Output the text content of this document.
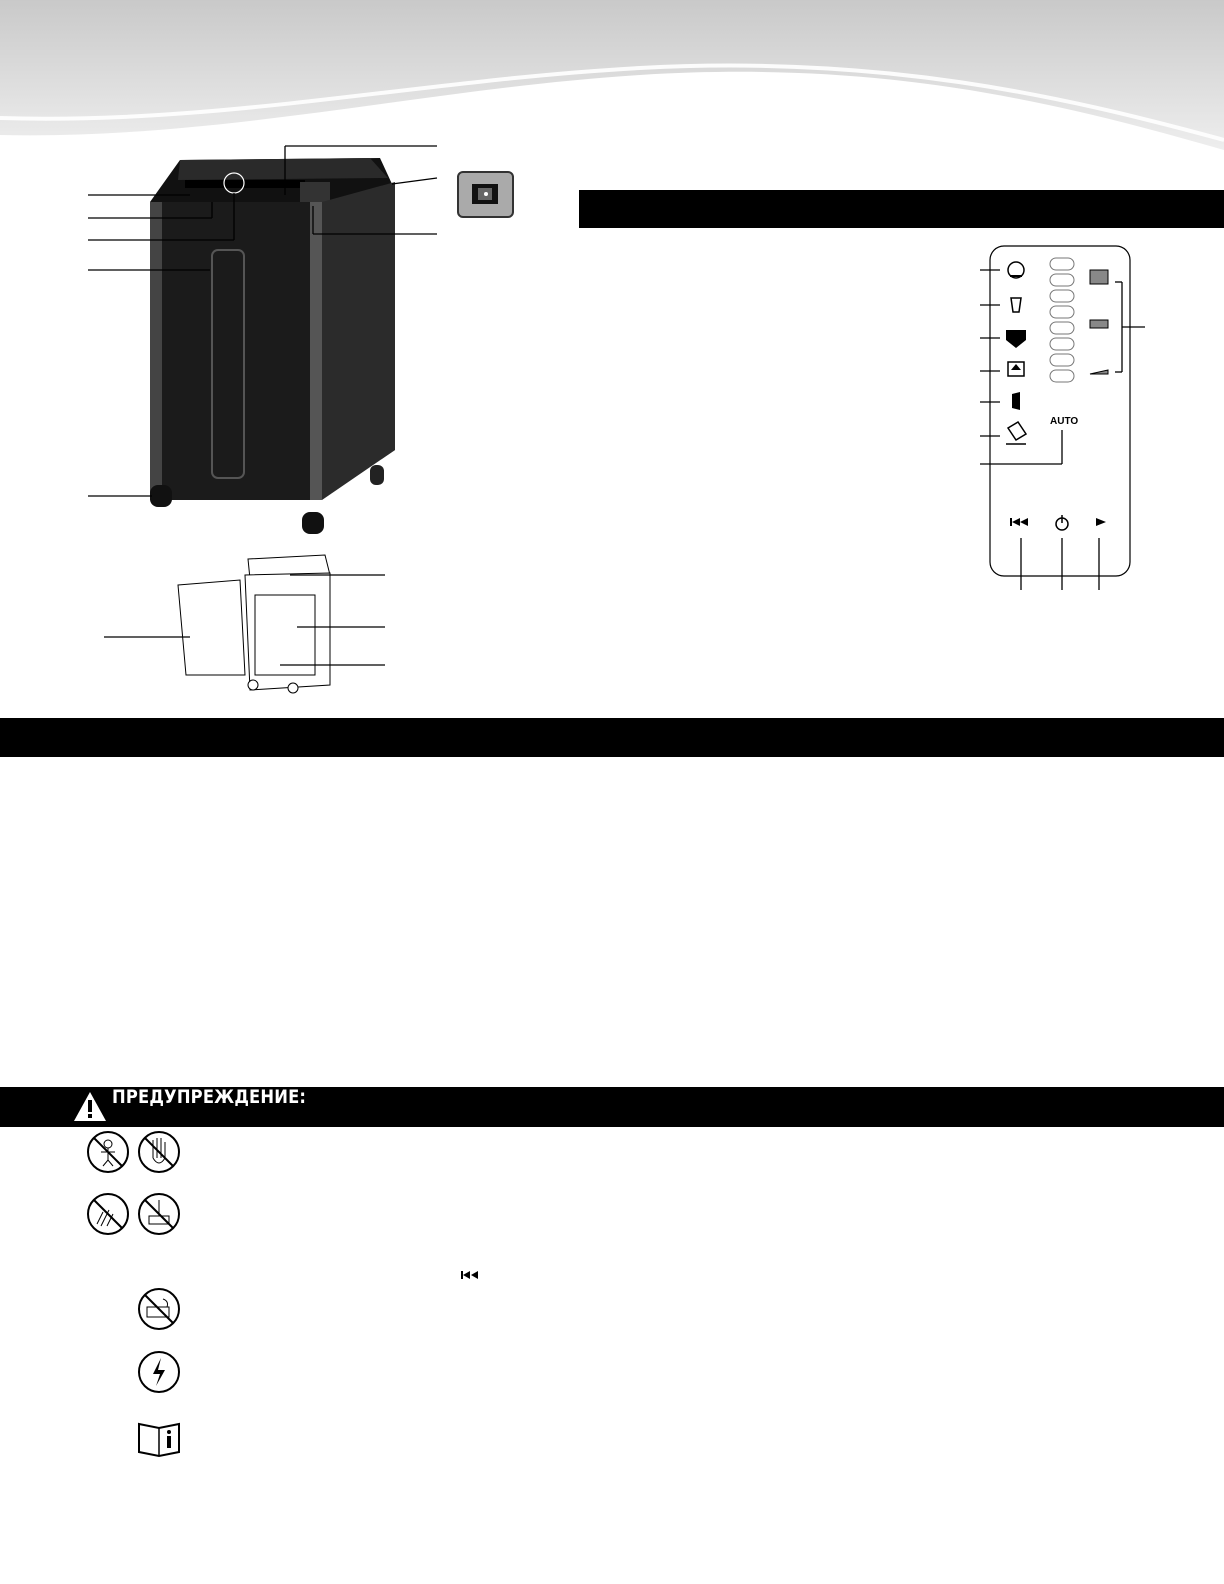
AUTO
ПРЕДУПРЕЖДЕНИЕ:
